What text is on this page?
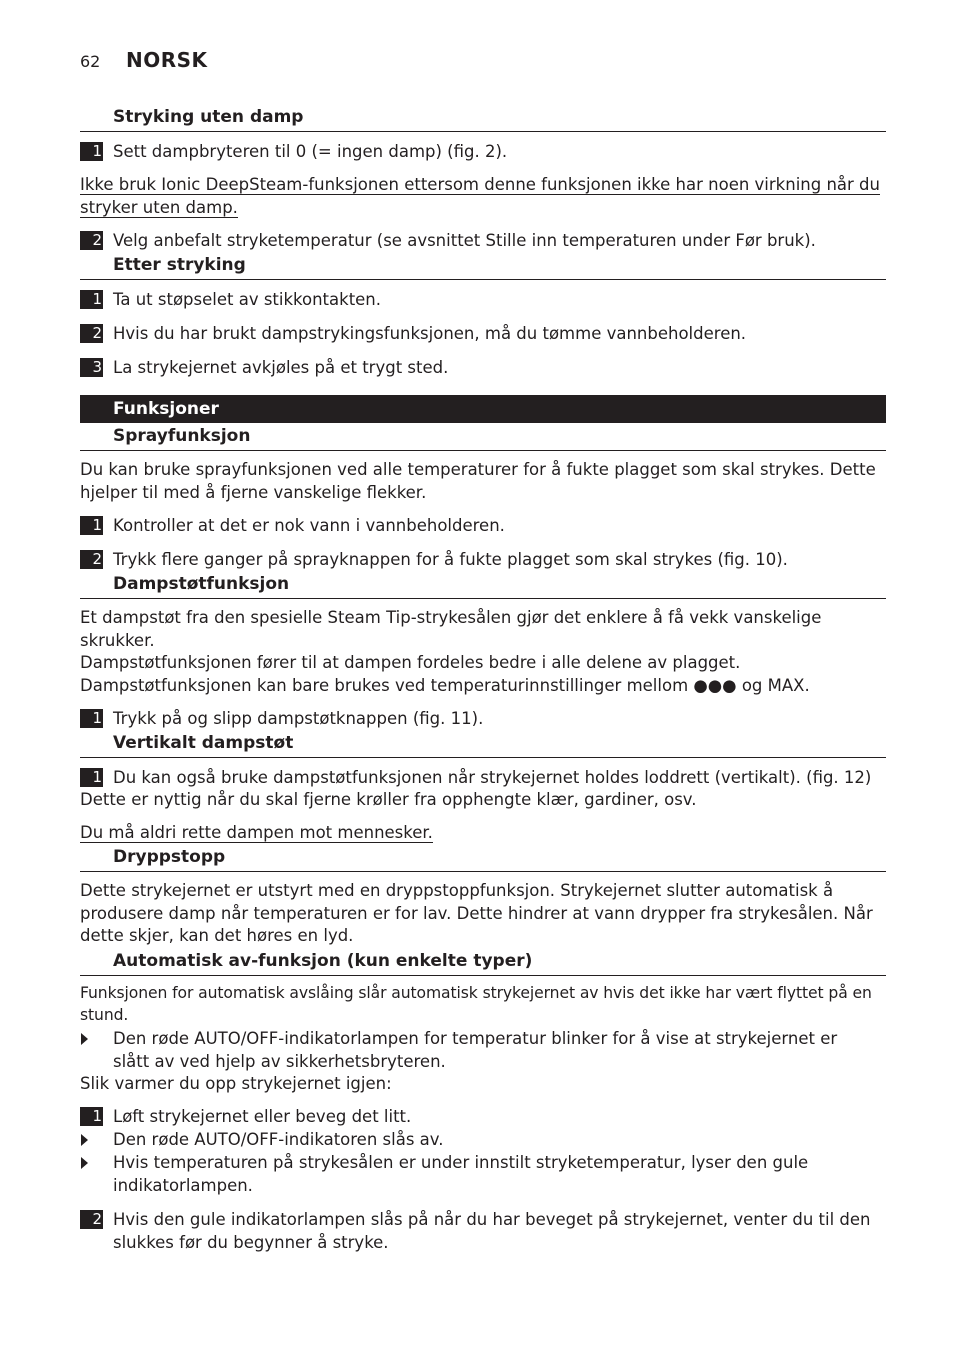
62 NORSK
Stryking uten damp
1 Sett dampbryteren til 0 (= ingen damp) (fig. 2).
Ikke bruk Ionic DeepSteam-funksjonen ettersom denne funksjonen ikke har noen virkning når du
stryker uten damp.
2 Velg anbefalt stryketemperatur (se avsnittet Stille inn temperaturen under Før bruk).
Etter stryking
1 Ta ut støpselet av stikkontakten.
2 Hvis du har brukt dampstrykingsfunksjonen, må du tømme vannbeholderen.
3 La strykejernet avkjøles på et trygt sted.
Funksjoner
Sprayfunksjon
Du kan bruke sprayfunksjonen ved alle temperaturer for å fukte plagget som skal strykes. Dette
hjelper til med å fjerne vanskelige flekker.
1 Kontroller at det er nok vann i vannbeholderen.
2 Trykk flere ganger på sprayknappen for å fukte plagget som skal strykes (fig. 10).
Dampstøtfunksjon
Et dampstøt fra den spesielle Steam Tip-strykesålen gjør det enklere å få vekk vanskelige skrukker.
Dampstøtfunksjonen fører til at dampen fordeles bedre i alle delene av plagget.
Dampstøtfunksjonen kan bare brukes ved temperaturinnstillinger mellom ●●● og MAX.
1 Trykk på og slipp dampstøtknappen (fig. 11).
Vertikalt dampstøt
1 Du kan også bruke dampstøtfunksjonen når strykejernet holdes loddrett (vertikalt). (fig. 12)
Dette er nyttig når du skal fjerne krøller fra opphengte klær, gardiner, osv.
Du må aldri rette dampen mot mennesker.
Dryppstopp
Dette strykejernet er utstyrt med en dryppstoppfunksjon. Strykejernet slutter automatisk å
produsere damp når temperaturen er for lav. Dette hindrer at vann drypper fra strykesålen. Når
dette skjer, kan det høres en lyd.
Automatisk av-funksjon (kun enkelte typer)
Funksjonen for automatisk avslåing slår automatisk strykejernet av hvis det ikke har vært flyttet på en stund.
Den røde AUTO/OFF-indikatorlampen for temperatur blinker for å vise at strykejernet er
slått av ved hjelp av sikkerhetsbryteren.
Slik varmer du opp strykejernet igjen:
1 Løft strykejernet eller beveg det litt.
Den røde AUTO/OFF-indikatoren slås av.
Hvis temperaturen på strykesålen er under innstilt stryketemperatur, lyser den gule
indikatorlampen.
2 Hvis den gule indikatorlampen slås på når du har beveget på strykejernet, venter du til den
slukkes før du begynner å stryke.
